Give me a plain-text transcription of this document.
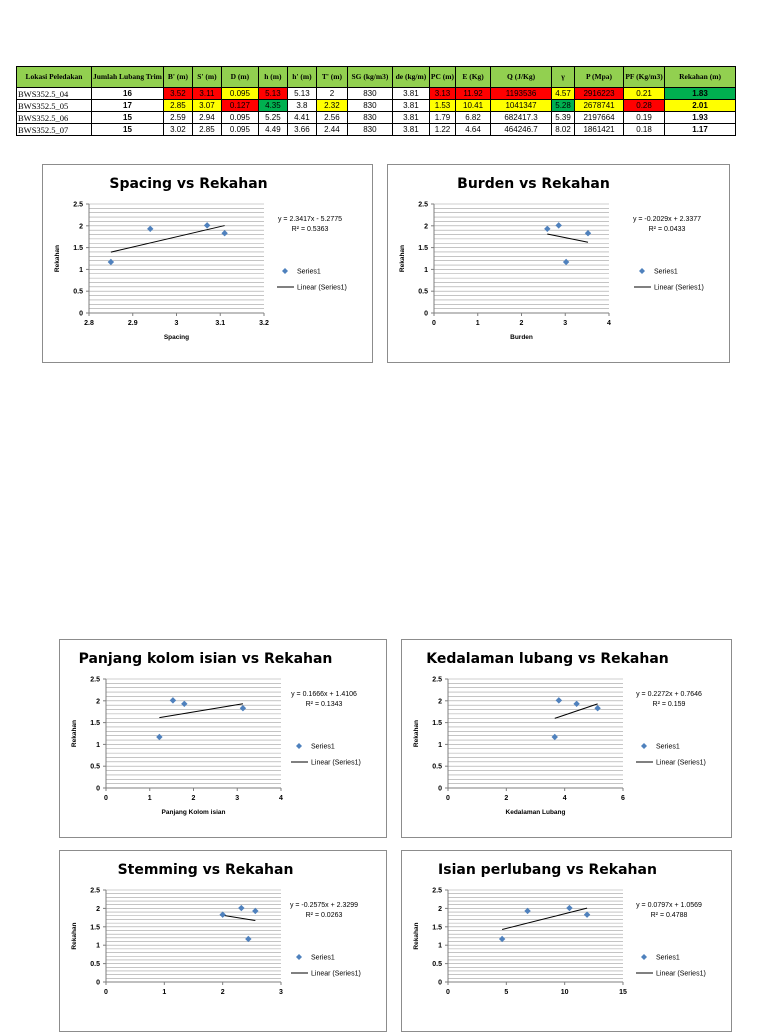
Lokasi Peledakan	Jumlah Lubang Trim	B' (m)	S' (m)	D (m)	h (m)	h' (m)	T' (m)	SG (kg/m3)	de (kg/m)	PC (m)	E (Kg)	Q (J/Kg)	γ	P (Mpa)	PF (Kg/m3)	Rekahan (m)
BWS352.5_04	16	3.52	3.11	0.095	5.13	5.13	2	830	3.81	3.13	11.92	1193536	4.57	2916223	0.21	1.83
BWS352.5_05	17	2.85	3.07	0.127	4.35	3.8	2.32	830	3.81	1.53	10.41	1041347	5.28	2678741	0.28	2.01
BWS352.5_06	15	2.59	2.94	0.095	5.25	4.41	2.56	830	3.81	1.79	6.82	682417.3	5.39	2197664	0.19	1.93
BWS352.5_07	15	3.02	2.85	0.095	4.49	3.66	2.44	830	3.81	1.22	4.64	464246.7	8.02	1861421	0.18	1.17
Spacing vs Rekahan
0
0.5
1
1.5
2
2.5
2.8	2.9	3	3.1	3.2
Spacing
Rekahan
y = 2.3417x - 5.2775
R² = 0.5363
Series1
Linear (Series1)
Burden vs Rekahan
0
0.5
1
1.5
2
2.5
0	1	2	3	4
Burden
Rekahan
y = -0.2029x + 2.3377
R² = 0.0433
Series1
Linear (Series1)
Panjang kolom isian vs Rekahan
0
0.5
1
1.5
2
2.5
0	1	2	3	4
Panjang Kolom isian
Rekahan
y = 0.1666x + 1.4106
R² = 0.1343
Series1
Linear (Series1)
Kedalaman lubang vs Rekahan
0
0.5
1
1.5
2
2.5
0	2	4	6
Kedalaman Lubang
Rekahan
y = 0.2272x + 0.7646
R² = 0.159
Series1
Linear (Series1)
Stemming vs Rekahan
0
0.5
1
1.5
2
2.5
0	1	2	3
Rekahan
y = -0.2575x + 2.3299
R² = 0.0263
Series1
Linear (Series1)
Isian perlubang vs Rekahan
0
0.5
1
1.5
2
2.5
0	5	10	15
Rekahan
y = 0.0797x + 1.0569
R² = 0.4788
Series1
Linear (Series1)
